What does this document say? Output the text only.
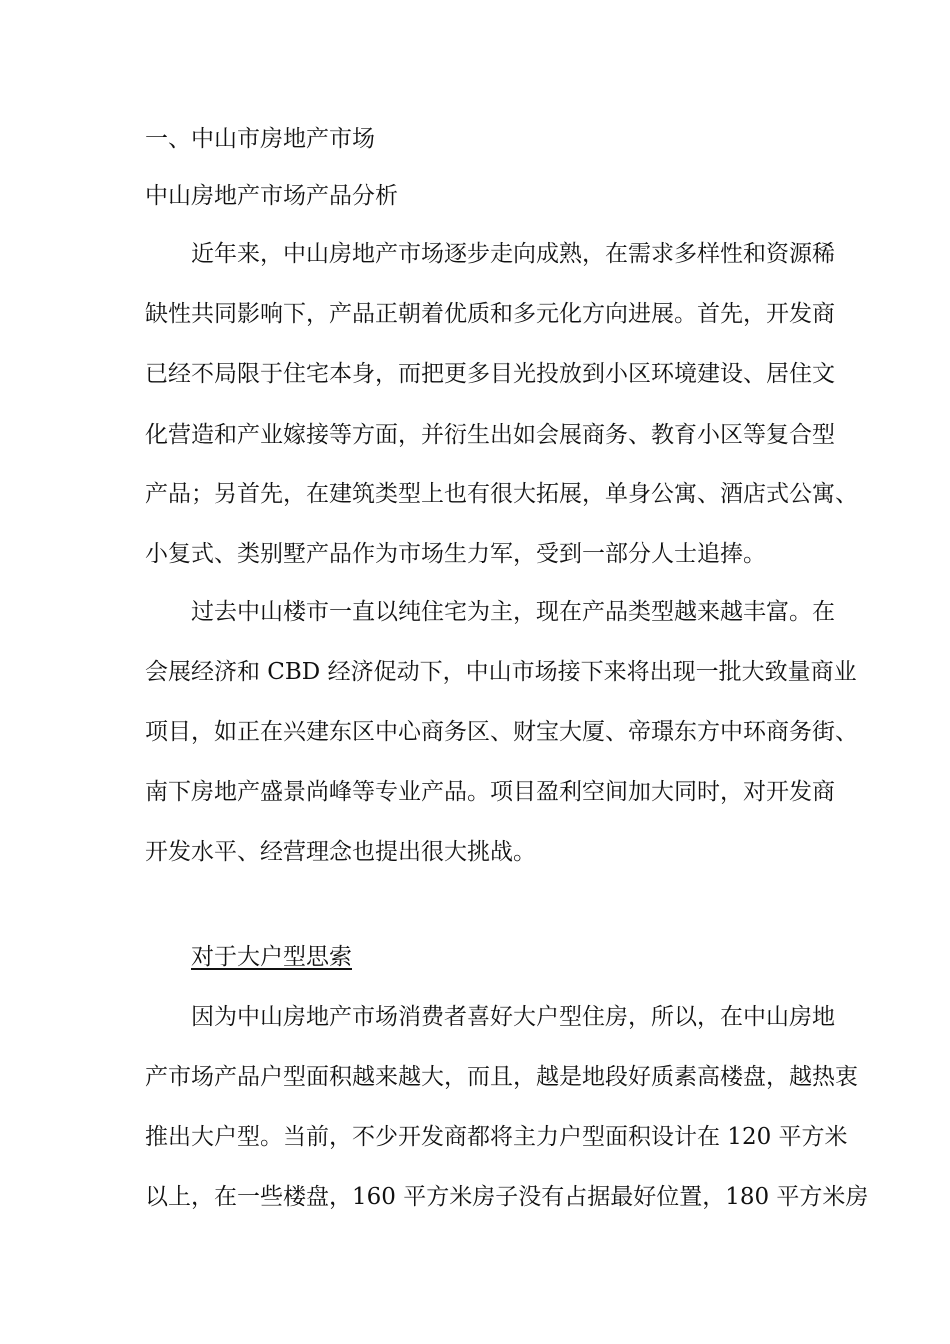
一、中山市房地产市场
中山房地产市场产品分析
近年来，中山房地产市场逐步走向成熟，在需求多样性和资源稀
缺性共同影响下，产品正朝着优质和多元化方向进展。首先，开发商
已经不局限于住宅本身，而把更多目光投放到小区环境建设、居住文
化营造和产业嫁接等方面，并衍生出如会展商务、教育小区等复合型
产品；另首先，在建筑类型上也有很大拓展，单身公寓、酒店式公寓、
小复式、类别墅产品作为市场生力军，受到一部分人士追捧。
过去中山楼市一直以纯住宅为主，现在产品类型越来越丰富。在
会展经济和 CBD 经济促动下，中山市场接下来将出现一批大致量商业
项目，如正在兴建东区中心商务区、财宝大厦、帝璟东方中环商务街、
南下房地产盛景尚峰等专业产品。项目盈利空间加大同时，对开发商
开发水平、经营理念也提出很大挑战。
对于大户型思索
因为中山房地产市场消费者喜好大户型住房，所以，在中山房地
产市场产品户型面积越来越大，而且，越是地段好质素高楼盘，越热衷
推出大户型。当前，不少开发商都将主力户型面积设计在 120 平方米
以上，在一些楼盘，160 平方米房子没有占据最好位置，180 平方米房
